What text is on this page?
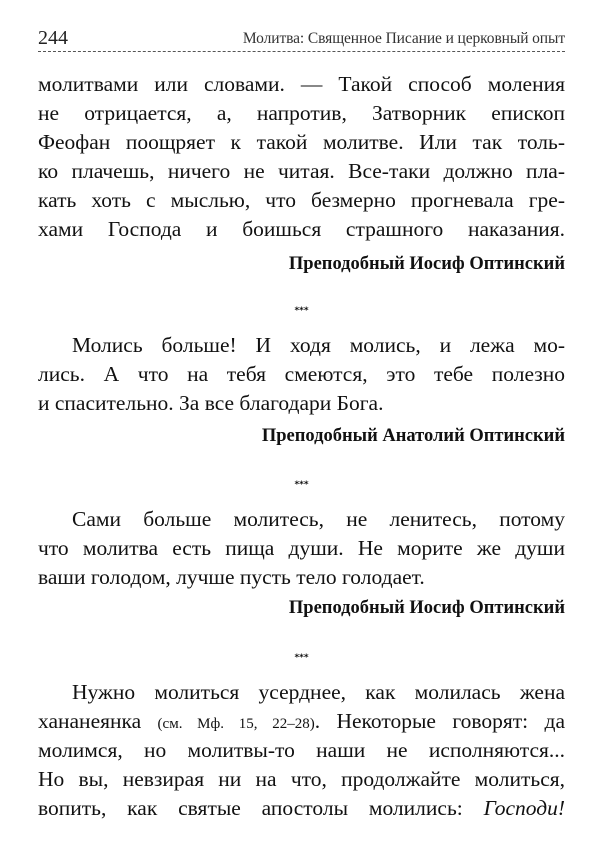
244	Молитва: Священное Писание и церковный опыт
молитвами или словами. — Такой способ моления
не отрицается, а, напротив, Затворник епископ
Феофан поощряет к такой молитве. Или так толь-
ко плачешь, ничего не читая. Все-таки должно пла-
кать хоть с мыслью, что безмерно прогневала гре-
хами Господа и боишься страшного наказания.
Преподобный Иосиф Оптинский
***
Молись больше! И ходя молись, и лежа мо-
лись. А что на тебя смеются, это тебе полезно
и спасительно. За все благодари Бога.
Преподобный Анатолий Оптинский
***
Сами больше молитесь, не ленитесь, потому
что молитва есть пища души. Не морите же души
ваши голодом, лучше пусть тело голодает.
Преподобный Иосиф Оптинский
***
Нужно молиться усерднее, как молилась жена
хананеянка (см. Мф. 15, 22–28). Некоторые говорят: да
молимся, но молитвы-то наши не исполняются...
Но вы, невзирая ни на что, продолжайте молиться,
вопить, как святые апостолы молились: Господи!
